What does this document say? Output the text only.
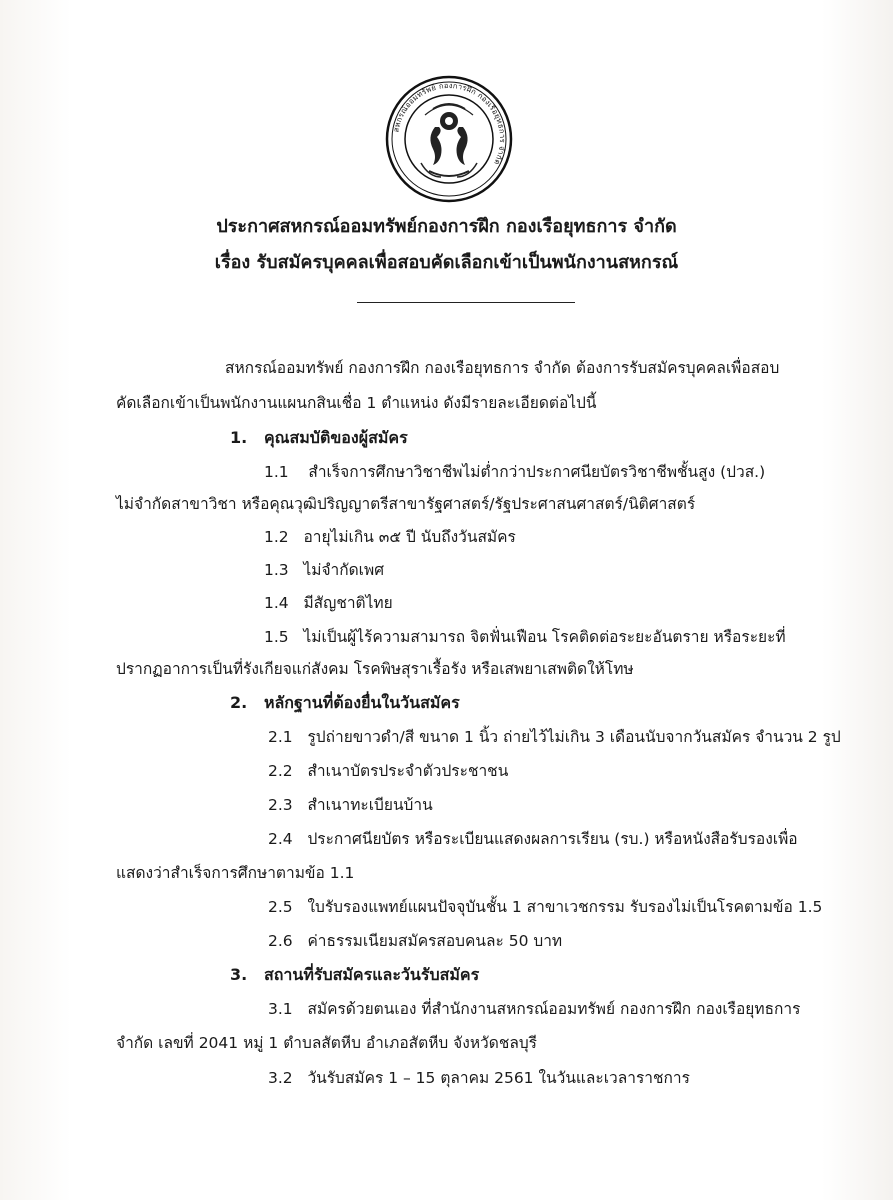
สหกรณ์ออมทรัพย์ กองการฝึก กองเรือยุทธการ จำกัด
ประกาศสหกรณ์ออมทรัพย์กองการฝึก กองเรือยุทธการ จำกัด
เรื่อง รับสมัครบุคคลเพื่อสอบคัดเลือกเข้าเป็นพนักงานสหกรณ์
สหกรณ์ออมทรัพย์ กองการฝึก กองเรือยุทธการ จำกัด ต้องการรับสมัครบุคคลเพื่อสอบ
คัดเลือกเข้าเป็นพนักงานแผนกสินเชื่อ 1 ตำแหน่ง ดังมีรายละเอียดต่อไปนี้
1. คุณสมบัติของผู้สมัคร
1.1 สำเร็จการศึกษาวิชาชีพไม่ต่ำกว่าประกาศนียบัตรวิชาชีพชั้นสูง (ปวส.)
ไม่จำกัดสาขาวิชา หรือคุณวุฒิปริญญาตรีสาขารัฐศาสตร์/รัฐประศาสนศาสตร์/นิติศาสตร์
1.2 อายุไม่เกิน ๓๕ ปี นับถึงวันสมัคร
1.3 ไม่จำกัดเพศ
1.4 มีสัญชาติไทย
1.5 ไม่เป็นผู้ไร้ความสามารถ จิตฟั่นเฟือน โรคติดต่อระยะอันตราย หรือระยะที่
ปรากฏอาการเป็นที่รังเกียจแก่สังคม โรคพิษสุราเรื้อรัง หรือเสพยาเสพติดให้โทษ
2. หลักฐานที่ต้องยื่นในวันสมัคร
2.1 รูปถ่ายขาวดำ/สี ขนาด 1 นิ้ว ถ่ายไว้ไม่เกิน 3 เดือนนับจากวันสมัคร จำนวน 2 รูป
2.2 สำเนาบัตรประจำตัวประชาชน
2.3 สำเนาทะเบียนบ้าน
2.4 ประกาศนียบัตร หรือระเบียนแสดงผลการเรียน (รบ.) หรือหนังสือรับรองเพื่อ
แสดงว่าสำเร็จการศึกษาตามข้อ 1.1
2.5 ใบรับรองแพทย์แผนปัจจุบันชั้น 1 สาขาเวชกรรม รับรองไม่เป็นโรคตามข้อ 1.5
2.6 ค่าธรรมเนียมสมัครสอบคนละ 50 บาท
3. สถานที่รับสมัครและวันรับสมัคร
3.1 สมัครด้วยตนเอง ที่สำนักงานสหกรณ์ออมทรัพย์ กองการฝึก กองเรือยุทธการ
จำกัด เลขที่ 2041 หมู่ 1 ตำบลสัตหีบ อำเภอสัตหีบ จังหวัดชลบุรี
3.2 วันรับสมัคร 1 – 15 ตุลาคม 2561 ในวันและเวลาราชการ
